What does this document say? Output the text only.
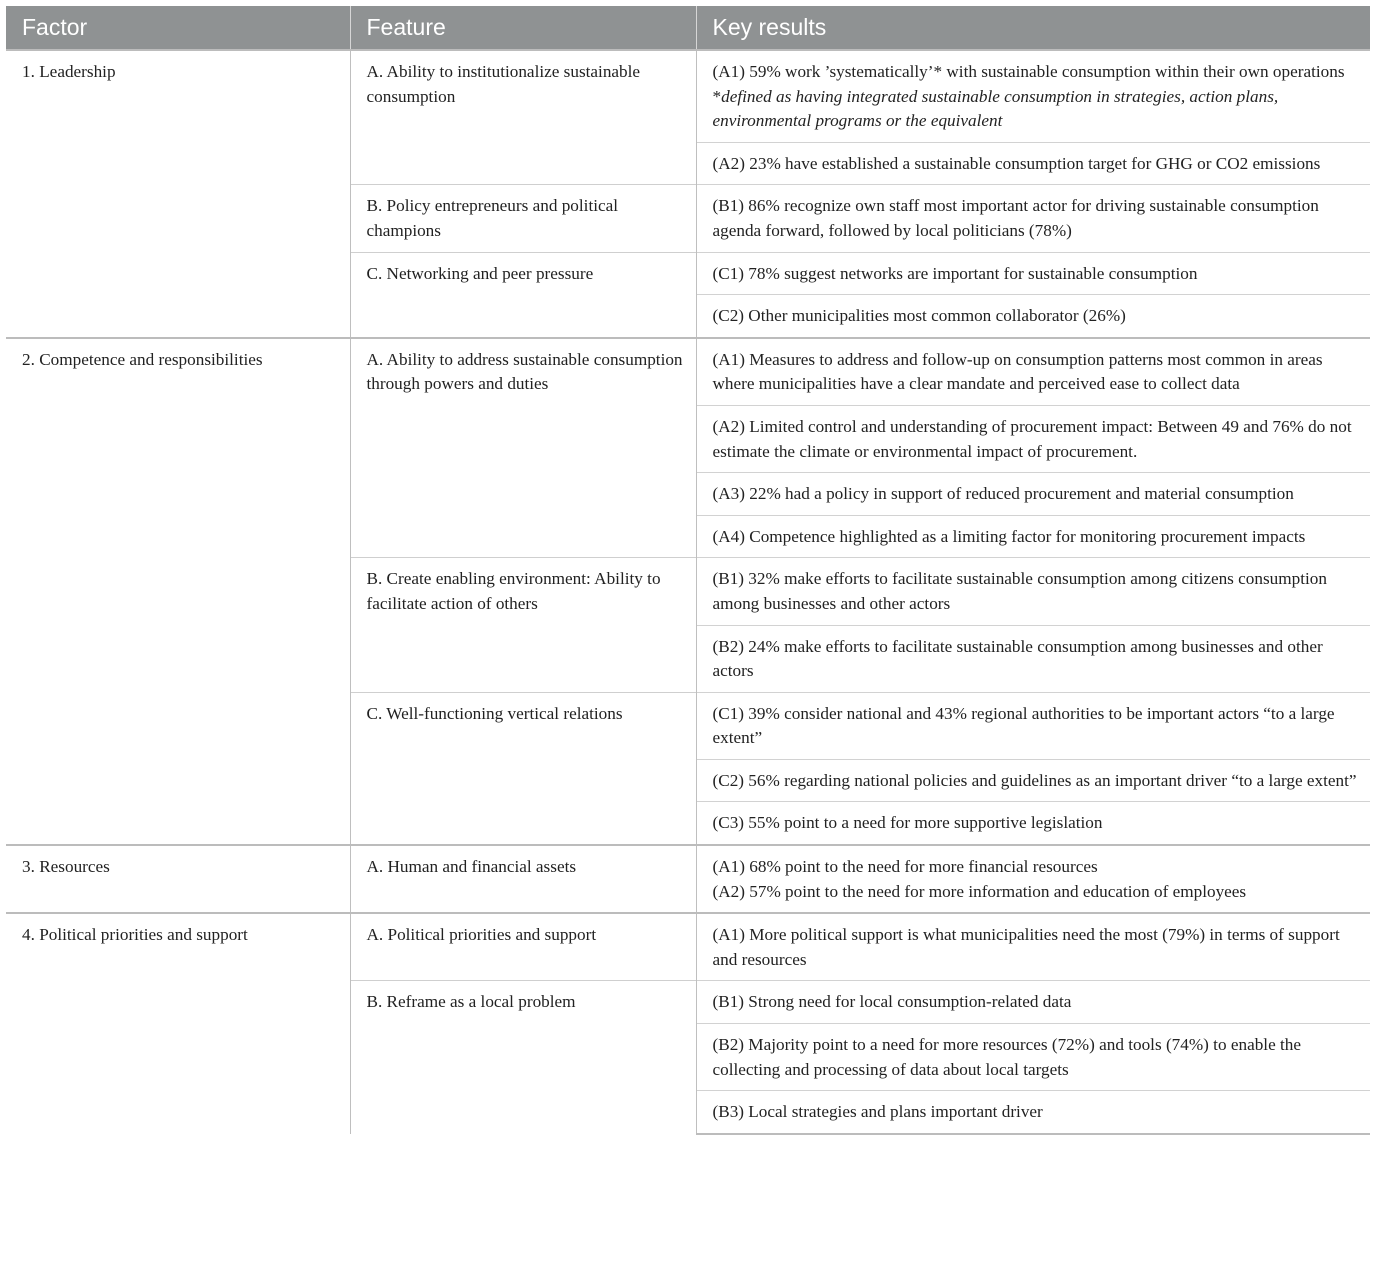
Factor	Feature	Key results
1. Leadership	A. Ability to institutionalize sustainable consumption	(A1) 59% work ’systematically’* with sustainable consumption within their own operations
*defined as having integrated sustainable consumption in strategies, action plans, environmental programs or the equivalent

		(A2) 23% have established a sustainable consumption target for GHG or CO2 emissions

	B. Policy entrepreneurs and political champions	(B1) 86% recognize own staff most important actor for driving sustainable consumption agenda forward, followed by local politicians (78%)

	C. Networking and peer pressure	(C1) 78% suggest networks are important for sustainable consumption

		(C2) Other municipalities most common collaborator (26%)

2. Competence and responsibilities	A. Ability to address sustainable consumption through powers and duties	(A1) Measures to address and follow-up on consumption patterns most common in areas where municipalities have a clear mandate and perceived ease to collect data

		(A2) Limited control and understanding of procurement impact: Between 49 and 76% do not estimate the climate or environmental impact of procurement.

		(A3) 22% had a policy in support of reduced procurement and material consumption

		(A4) Competence highlighted as a limiting factor for monitoring procurement impacts

	B. Create enabling environment: Ability to facilitate action of others	(B1) 32% make efforts to facilitate sustainable consumption among citizens consumption among businesses and other actors

		(B2) 24% make efforts to facilitate sustainable consumption among businesses and other actors

	C. Well-functioning vertical relations	(C1) 39% consider national and 43% regional authorities to be important actors “to a large extent”

		(C2) 56% regarding national policies and guidelines as an important driver “to a large extent”

		(C3) 55% point to a need for more supportive legislation

3. Resources	A. Human and financial assets	(A1) 68% point to the need for more financial resources
(A2) 57% point to the need for more information and education of employees

4. Political priorities and support	A. Political priorities and support	(A1) More political support is what municipalities need the most (79%) in terms of support and resources

	B. Reframe as a local problem	(B1) Strong need for local consumption-related data

		(B2) Majority point to a need for more resources (72%) and tools (74%) to enable the collecting and processing of data about local targets

		(B3) Local strategies and plans important driver
